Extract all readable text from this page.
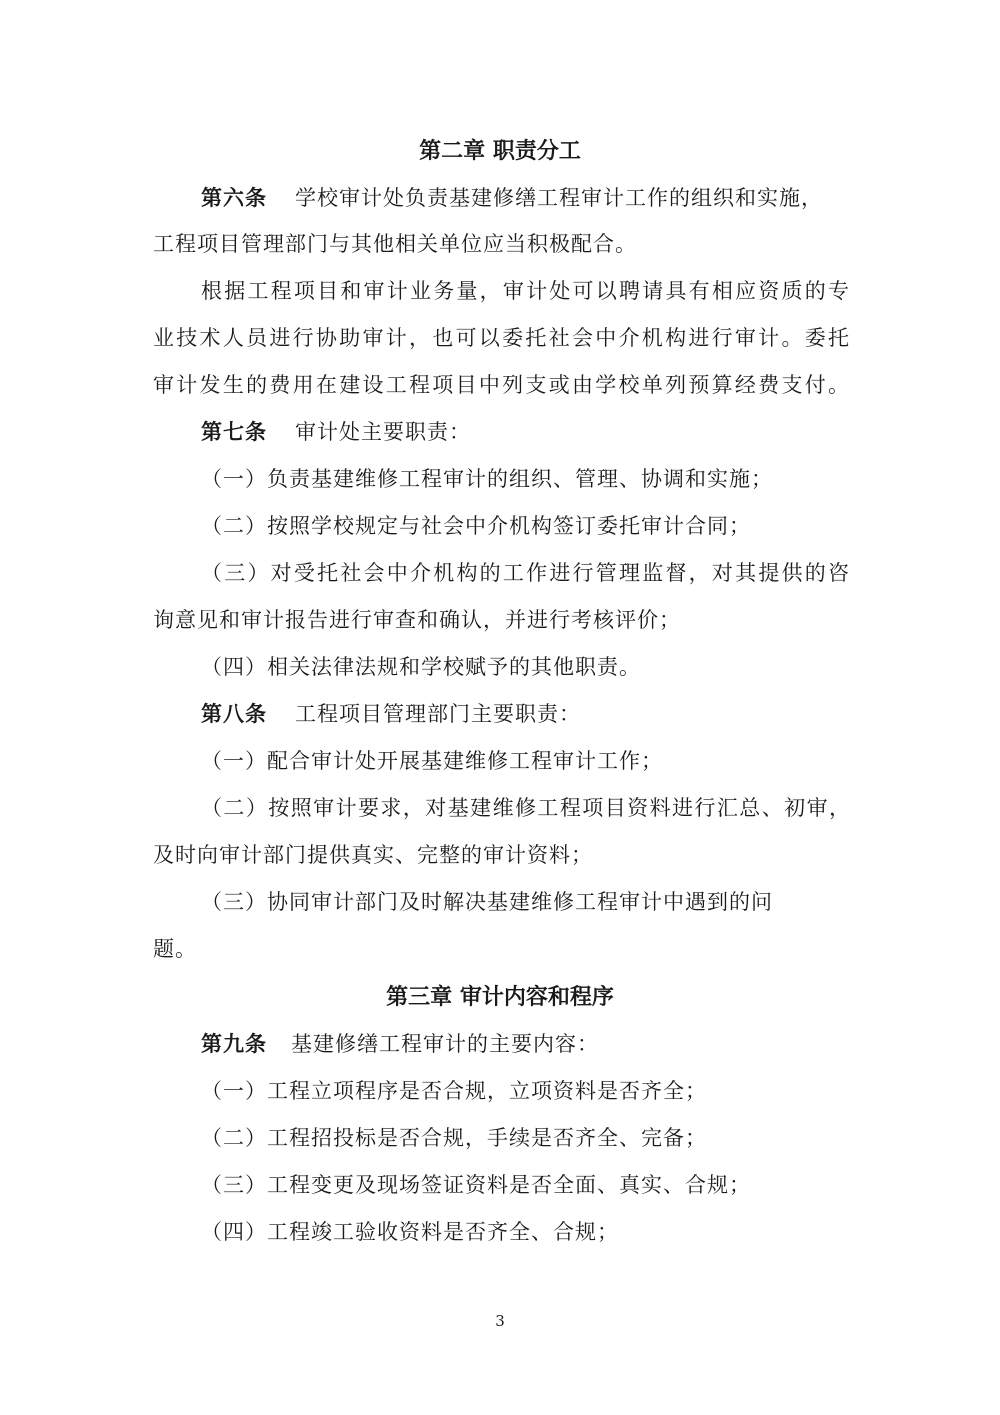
第二章 职责分工
第六条 学校审计处负责基建修缮工程审计工作的组织和实施，
工程项目管理部门与其他相关单位应当积极配合。
根据工程项目和审计业务量，审计处可以聘请具有相应资质的专
业技术人员进行协助审计，也可以委托社会中介机构进行审计。委托
审计发生的费用在建设工程项目中列支或由学校单列预算经费支付。
第七条 审计处主要职责：
（一）负责基建维修工程审计的组织、管理、协调和实施；
（二）按照学校规定与社会中介机构签订委托审计合同；
（三）对受托社会中介机构的工作进行管理监督，对其提供的咨
询意见和审计报告进行审查和确认，并进行考核评价；
（四）相关法律法规和学校赋予的其他职责。
第八条 工程项目管理部门主要职责：
（一）配合审计处开展基建维修工程审计工作；
（二）按照审计要求，对基建维修工程项目资料进行汇总、初审，
及时向审计部门提供真实、完整的审计资料；
（三）协同审计部门及时解决基建维修工程审计中遇到的问
题。
第三章 审计内容和程序
第九条 基建修缮工程审计的主要内容：
（一）工程立项程序是否合规，立项资料是否齐全；
（二）工程招投标是否合规，手续是否齐全、完备；
（三）工程变更及现场签证资料是否全面、真实、合规；
（四）工程竣工验收资料是否齐全、合规；
3
